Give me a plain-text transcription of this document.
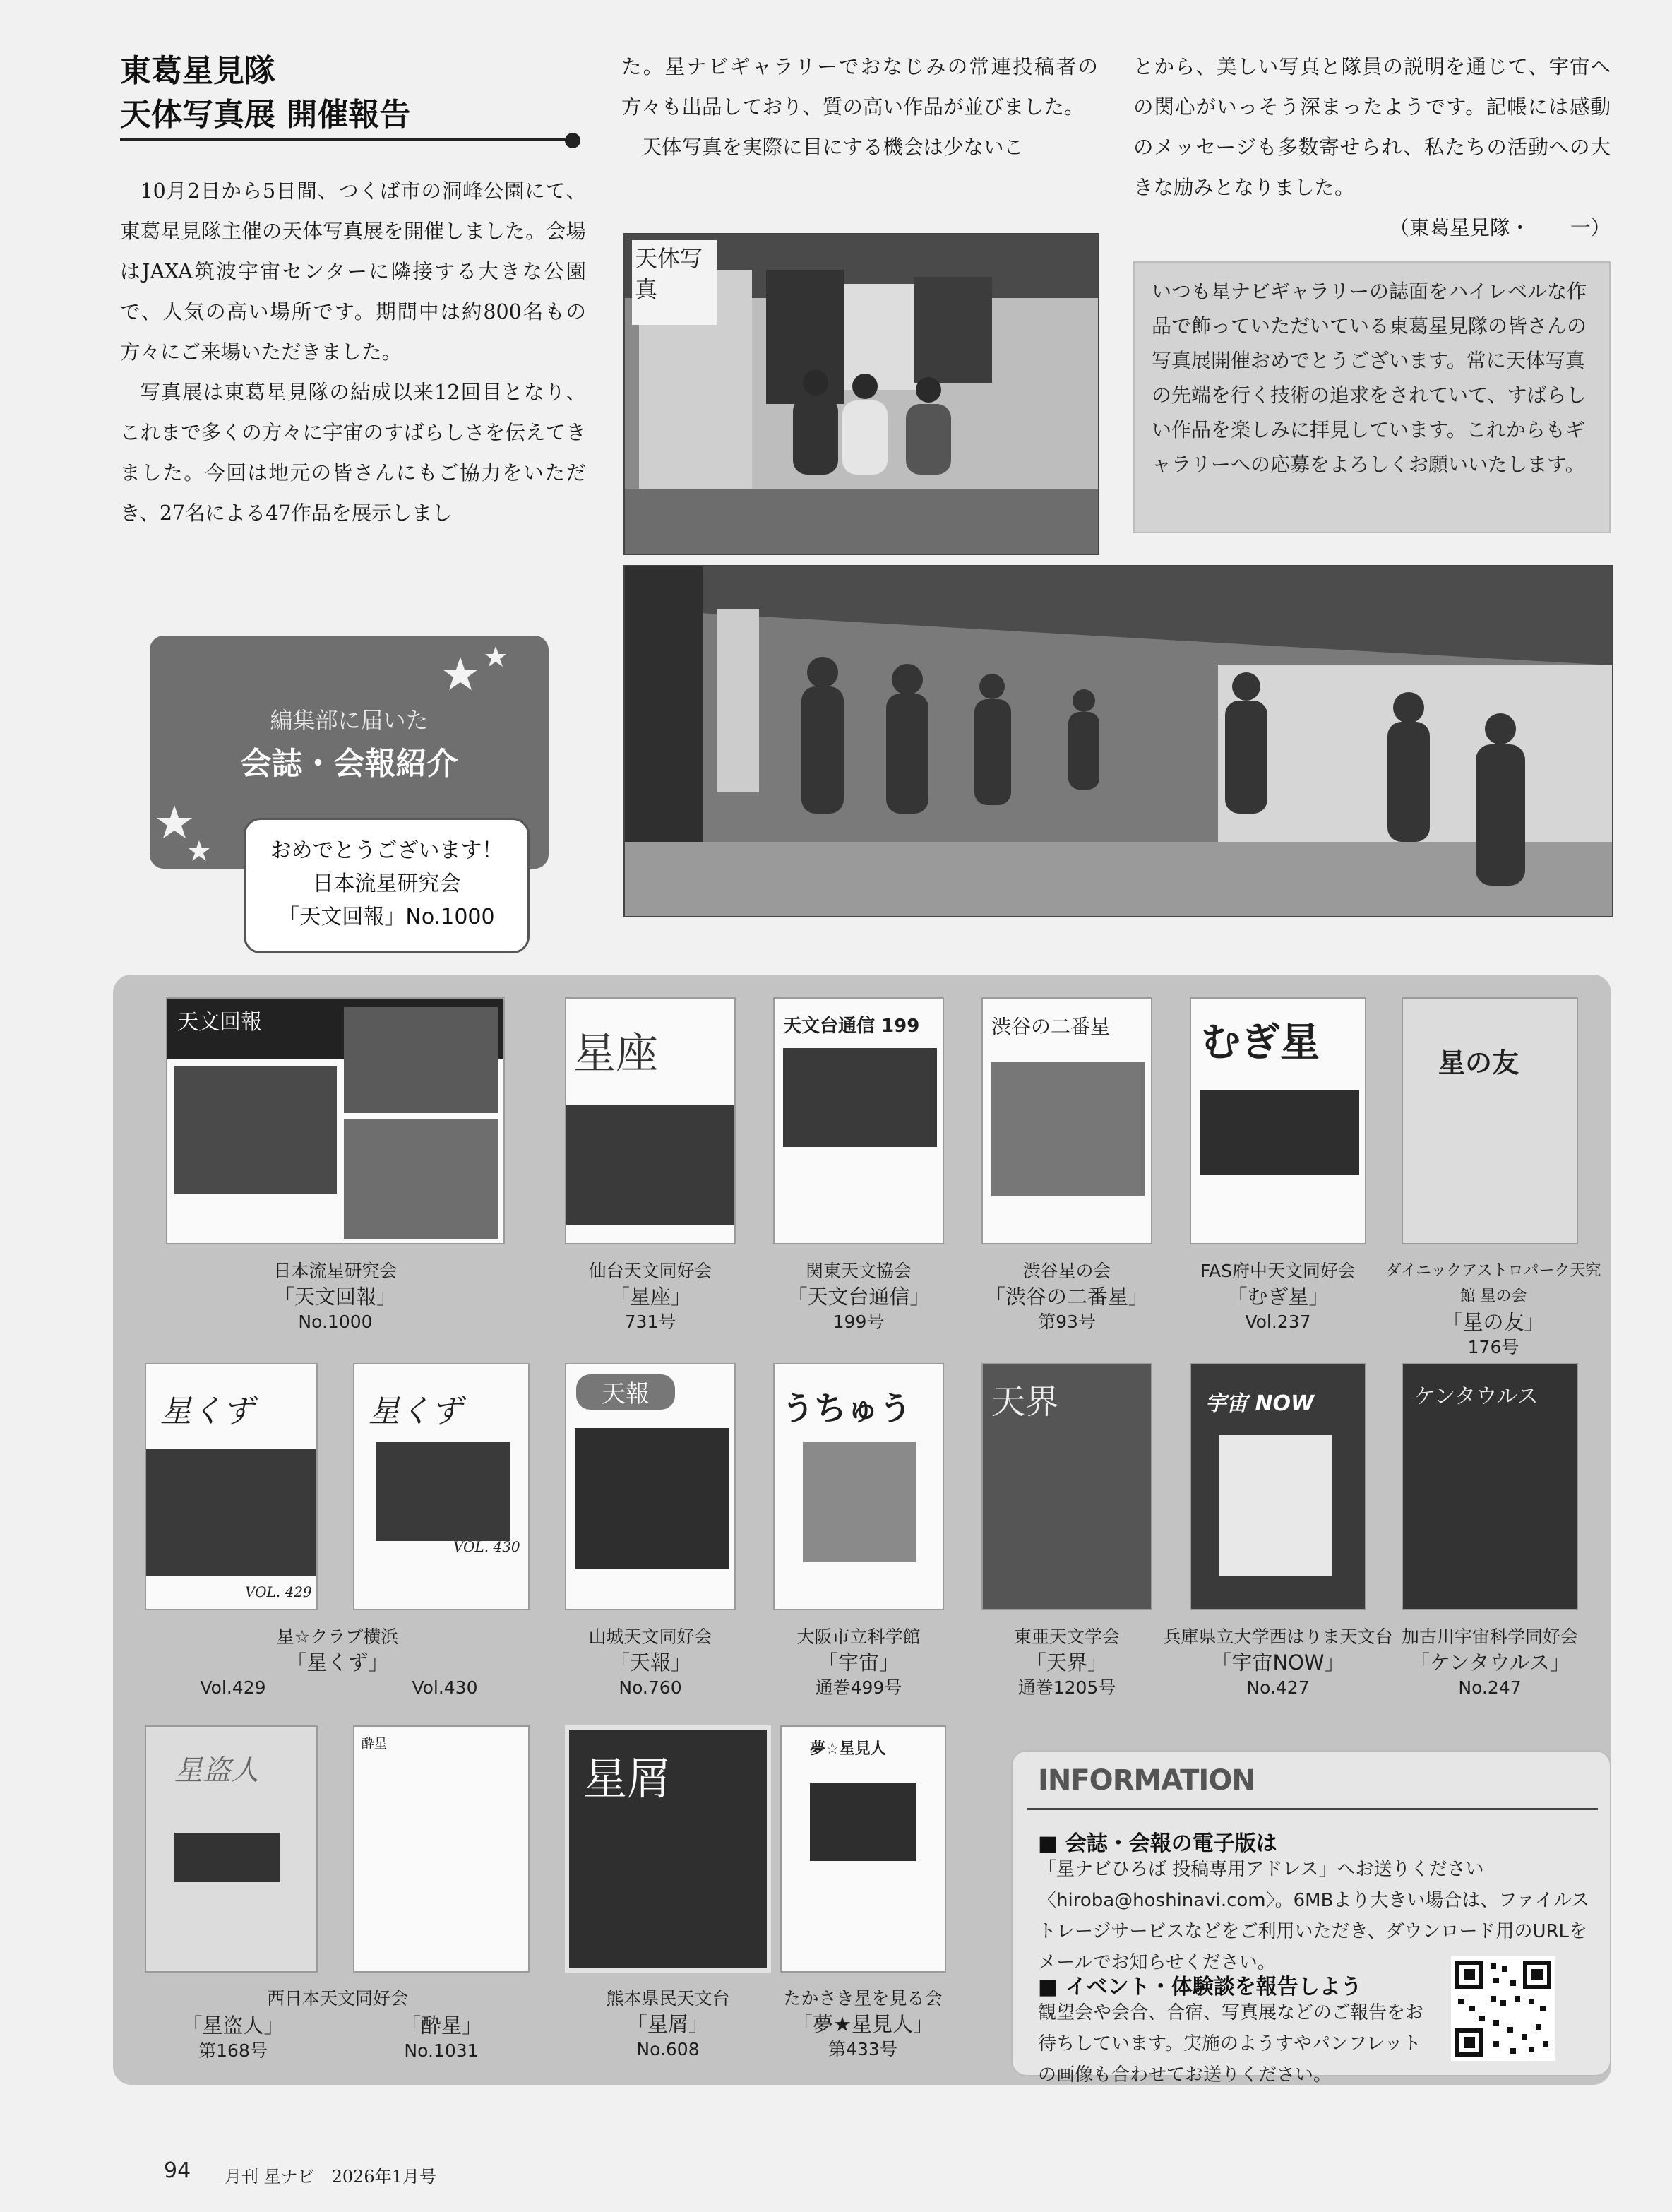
東葛星見隊
天体写真展 開催報告

10月2日から5日間、つくば市の洞峰公園にて、東葛星見隊主催の天体写真展を開催しました。会場はJAXA筑波宇宙センターに隣接する大きな公園で、人気の高い場所です。期間中は約800名もの方々にご来場いただきました。

写真展は東葛星見隊の結成以来12回目となり、これまで多くの方々に宇宙のすばらしさを伝えてきました。今回は地元の皆さんにもご協力をいただき、27名による47作品を展示しまし

た。星ナビギャラリーでおなじみの常連投稿者の方々も出品しており、質の高い作品が並びました。

天体写真を実際に目にする機会は少ないこ

とから、美しい写真と隊員の説明を通じて、宇宙への関心がいっそう深まったようです。記帳には感動のメッセージも多数寄せられ、私たちの活動への大きな励みとなりました。

（東葛星見隊・　　一）

天体写真	いつも星ナビギャラリーの誌面をハイレベルな作品で飾っていただいている東葛星見隊の皆さんの写真展開催おめでとうございます。常に天体写真の先端を行く技術の追求をされていて、すばらしい作品を楽しみに拝見しています。これからもギャラリーへの応募をよろしくお願いいたします。
編集部に届いた
会誌・会報紹介
おめでとうございます！
日本流星研究会
「天文回報」No.1000
天文回報
星座
天文台通信 199	渋谷の二番星	むぎ星	星の友
日本流星研究会
「天文回報」
No.1000
仙台天文同好会
「星座」
731号
関東天文協会
「天文台通信」
199号
渋谷星の会
「渋谷の二番星」
第93号
FAS府中天文同好会
「むぎ星」
Vol.237
ダイニックアストロパーク天究館 星の会
「星の友」
176号
星くず
VOL. 429
星くず
VOL. 430
天報	うちゅう	天界	宇宙 NOW	ケンタウルス
星☆クラブ横浜
「星くず」
Vol.429	Vol.430
山城天文同好会
「天報」
No.760
大阪市立科学館
「宇宙」
通巻499号
東亜天文学会
「天界」
通巻1205号
兵庫県立大学西はりま天文台
「宇宙NOW」
No.427
加古川宇宙科学同好会
「ケンタウルス」
No.247
星盗人
酔星
星屑
夢☆星見人
西日本天文同好会
「星盗人」
第168号
「酔星」
No.1031
熊本県民天文台
「星屑」
No.608
たかさき星を見る会
「夢★星見人」
第433号
INFORMATION
■ 会誌・会報の電子版は
「星ナビひろば 投稿専用アドレス」へお送りください〈hiroba@hoshinavi.com〉。6MBより大きい場合は、ファイルストレージサービスなどをご利用いただき、ダウンロード用のURLをメールでお知らせください。
■ イベント・体験談を報告しよう
観望会や会合、合宿、写真展などのご報告をお待ちしています。実施のようすやパンフレットの画像も合わせてお送りください。
94 月刊 星ナビ　2026年1月号
